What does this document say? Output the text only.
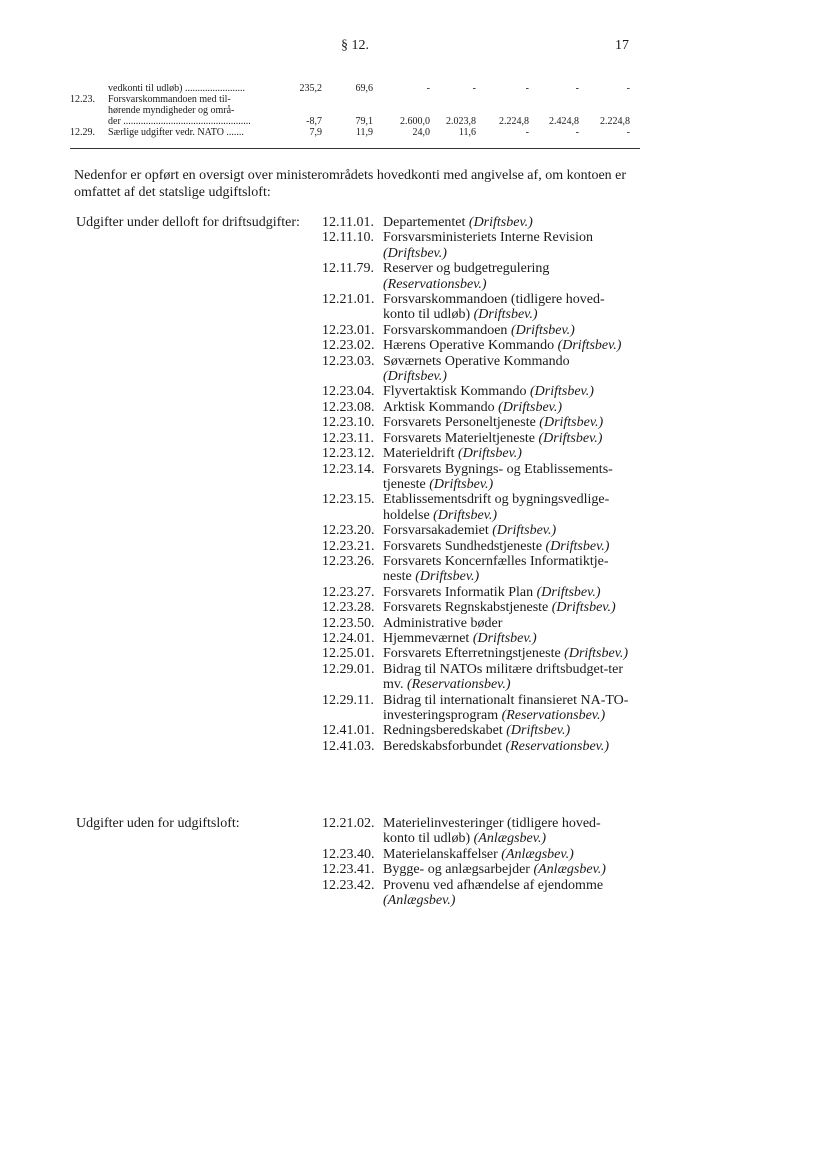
§ 12.	17
vedkonti til udløb) ........................	235,2	69,6	-	-	-	-	-
12.23.	Forsvarskommandoen med til-
hørende myndigheder og områ-
der ...................................................	-8,7	79,1	2.600,0	2.023,8	2.224,8	2.424,8	2.224,8
12.29.	Særlige udgifter vedr. NATO .......	7,9	11,9	24,0	11,6	-	-	-

Nedenfor er opført en oversigt over ministerområdets hovedkonti med angivelse af, om kontoen er omfattet af det statslige udgiftsloft:

Udgifter under delloft for driftsudgifter: 12.11.01. Departementet (Driftsbev.)
12.11.10. Forsvarsministeriets Interne Revision (Driftsbev.)
12.11.79. Reserver og budgetregulering (Reservationsbev.)
12.21.01. Forsvarskommandoen (tidligere hoved-konto til udløb) (Driftsbev.)
12.23.01. Forsvarskommandoen (Driftsbev.)
12.23.02. Hærens Operative Kommando (Driftsbev.)
12.23.03. Søværnets Operative Kommando (Driftsbev.)
12.23.04. Flyvertaktisk Kommando (Driftsbev.)
12.23.08. Arktisk Kommando (Driftsbev.)
12.23.10. Forsvarets Personeltjeneste (Driftsbev.)
12.23.11. Forsvarets Materieltjeneste (Driftsbev.)
12.23.12. Materieldrift (Driftsbev.)
12.23.14. Forsvarets Bygnings- og Etablissements-tjeneste (Driftsbev.)
12.23.15. Etablissementsdrift og bygningsvedlige-holdelse (Driftsbev.)
12.23.20. Forsvarsakademiet (Driftsbev.)
12.23.21. Forsvarets Sundhedstjeneste (Driftsbev.)
12.23.26. Forsvarets Koncernfælles Informatiktje-neste (Driftsbev.)
12.23.27. Forsvarets Informatik Plan (Driftsbev.)
12.23.28. Forsvarets Regnskabstjeneste (Driftsbev.)
12.23.50. Administrative bøder
12.24.01. Hjemmeværnet (Driftsbev.)
12.25.01. Forsvarets Efterretningstjeneste (Driftsbev.)
12.29.01. Bidrag til NATOs militære driftsbudget-ter mv. (Reservationsbev.)
12.29.11. Bidrag til internationalt finansieret NA-TO-investeringsprogram (Reservationsbev.)
12.41.01. Redningsberedskabet (Driftsbev.)
12.41.03. Beredskabsforbundet (Reservationsbev.)
Udgifter uden for udgiftsloft:	12.21.02. Materielinvesteringer (tidligere hoved-konto til udløb) (Anlægsbev.)
12.23.40. Materielanskaffelser (Anlægsbev.)
12.23.41. Bygge- og anlægsarbejder (Anlægsbev.)
12.23.42. Provenu ved afhændelse af ejendomme (Anlægsbev.)
